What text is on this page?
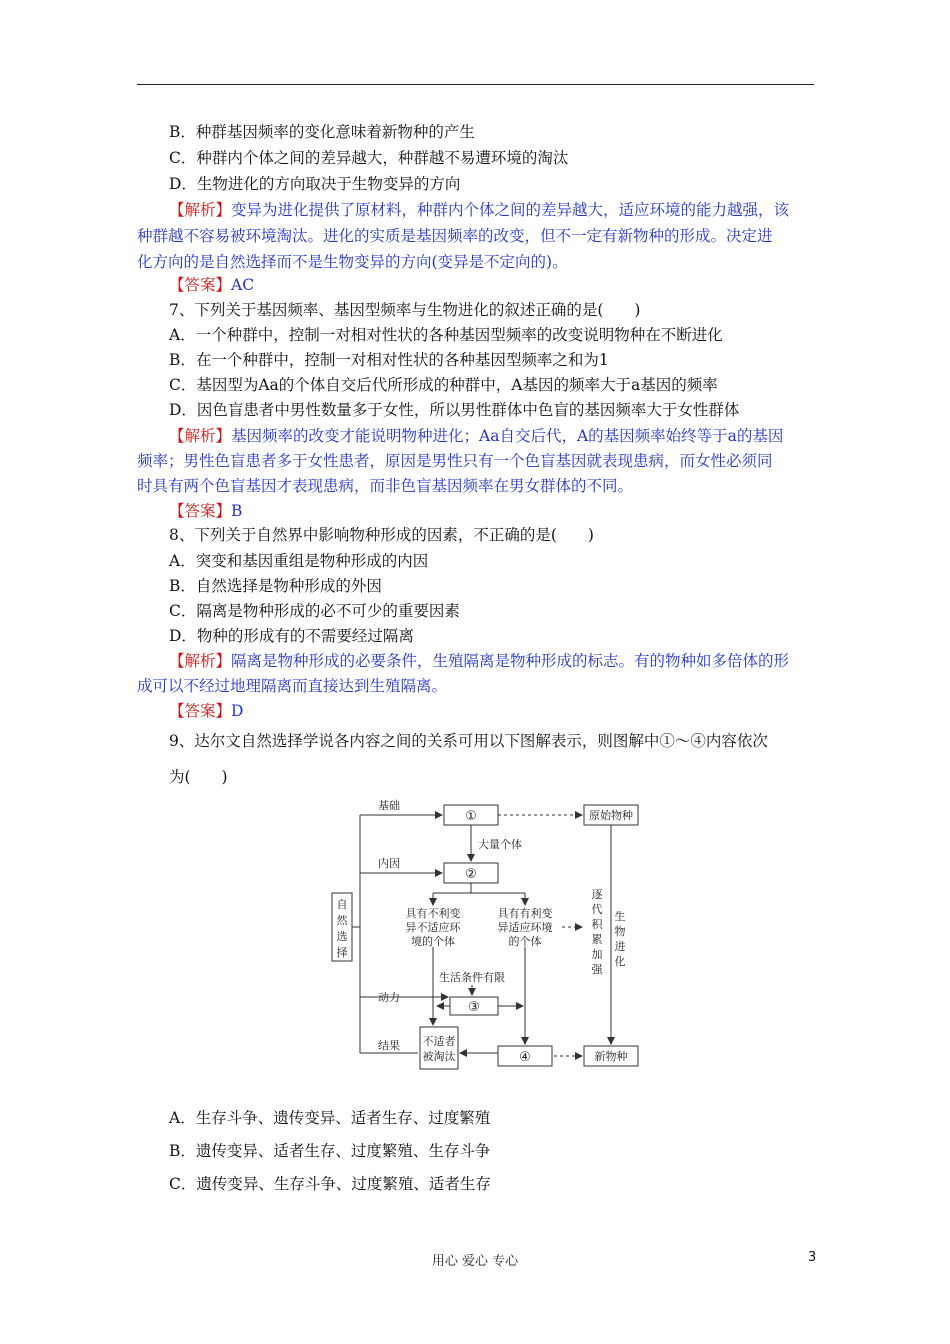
B．种群基因频率的变化意味着新物种的产生
C．种群内个体之间的差异越大，种群越不易遭环境的淘汰
D．生物进化的方向取决于生物变异的方向
【解析】变异为进化提供了原材料，种群内个体之间的差异越大，适应环境的能力越强，该
种群越不容易被环境淘汰。进化的实质是基因频率的改变，但不一定有新物种的形成。决定进
化方向的是自然选择而不是生物变异的方向(变异是不定向的)。
【答案】AC
7、下列关于基因频率、基因型频率与生物进化的叙述正确的是(　　)
A．一个种群中，控制一对相对性状的各种基因型频率的改变说明物种在不断进化
B．在一个种群中，控制一对相对性状的各种基因型频率之和为1
C．基因型为Aa的个体自交后代所形成的种群中，A基因的频率大于a基因的频率
D．因色盲患者中男性数量多于女性，所以男性群体中色盲的基因频率大于女性群体
【解析】基因频率的改变才能说明物种进化；Aa自交后代，A的基因频率始终等于a的基因
频率；男性色盲患者多于女性患者，原因是男性只有一个色盲基因就表现患病，而女性必须同
时具有两个色盲基因才表现患病，而非色盲基因频率在男女群体的不同。
【答案】B
8、下列关于自然界中影响物种形成的因素，不正确的是(　　)
A．突变和基因重组是物种形成的内因
B．自然选择是物种形成的外因
C．隔离是物种形成的必不可少的重要因素
D．物种的形成有的不需要经过隔离
【解析】隔离是物种形成的必要条件，生殖隔离是物种形成的标志。有的物种如多倍体的形
成可以不经过地理隔离而直接达到生殖隔离。
【答案】D
9、达尔文自然选择学说各内容之间的关系可用以下图解表示，则图解中①～④内容依次
为(　　)
基础
内因
动力
结果
①
②
③
④
大量个体
原始物种
新物种
具有不利变
异不适应环
境的个体
具有有利变
异适应环境
的个体
生活条件有限
不适者
被淘汰
自
然
选
择
逐
代
积
累
加
强
生
物
进
化
A．生存斗争、遗传变异、适者生存、过度繁殖
B．遗传变异、适者生存、过度繁殖、生存斗争
C．遗传变异、生存斗争、过度繁殖、适者生存
用心 爱心 专心	3
